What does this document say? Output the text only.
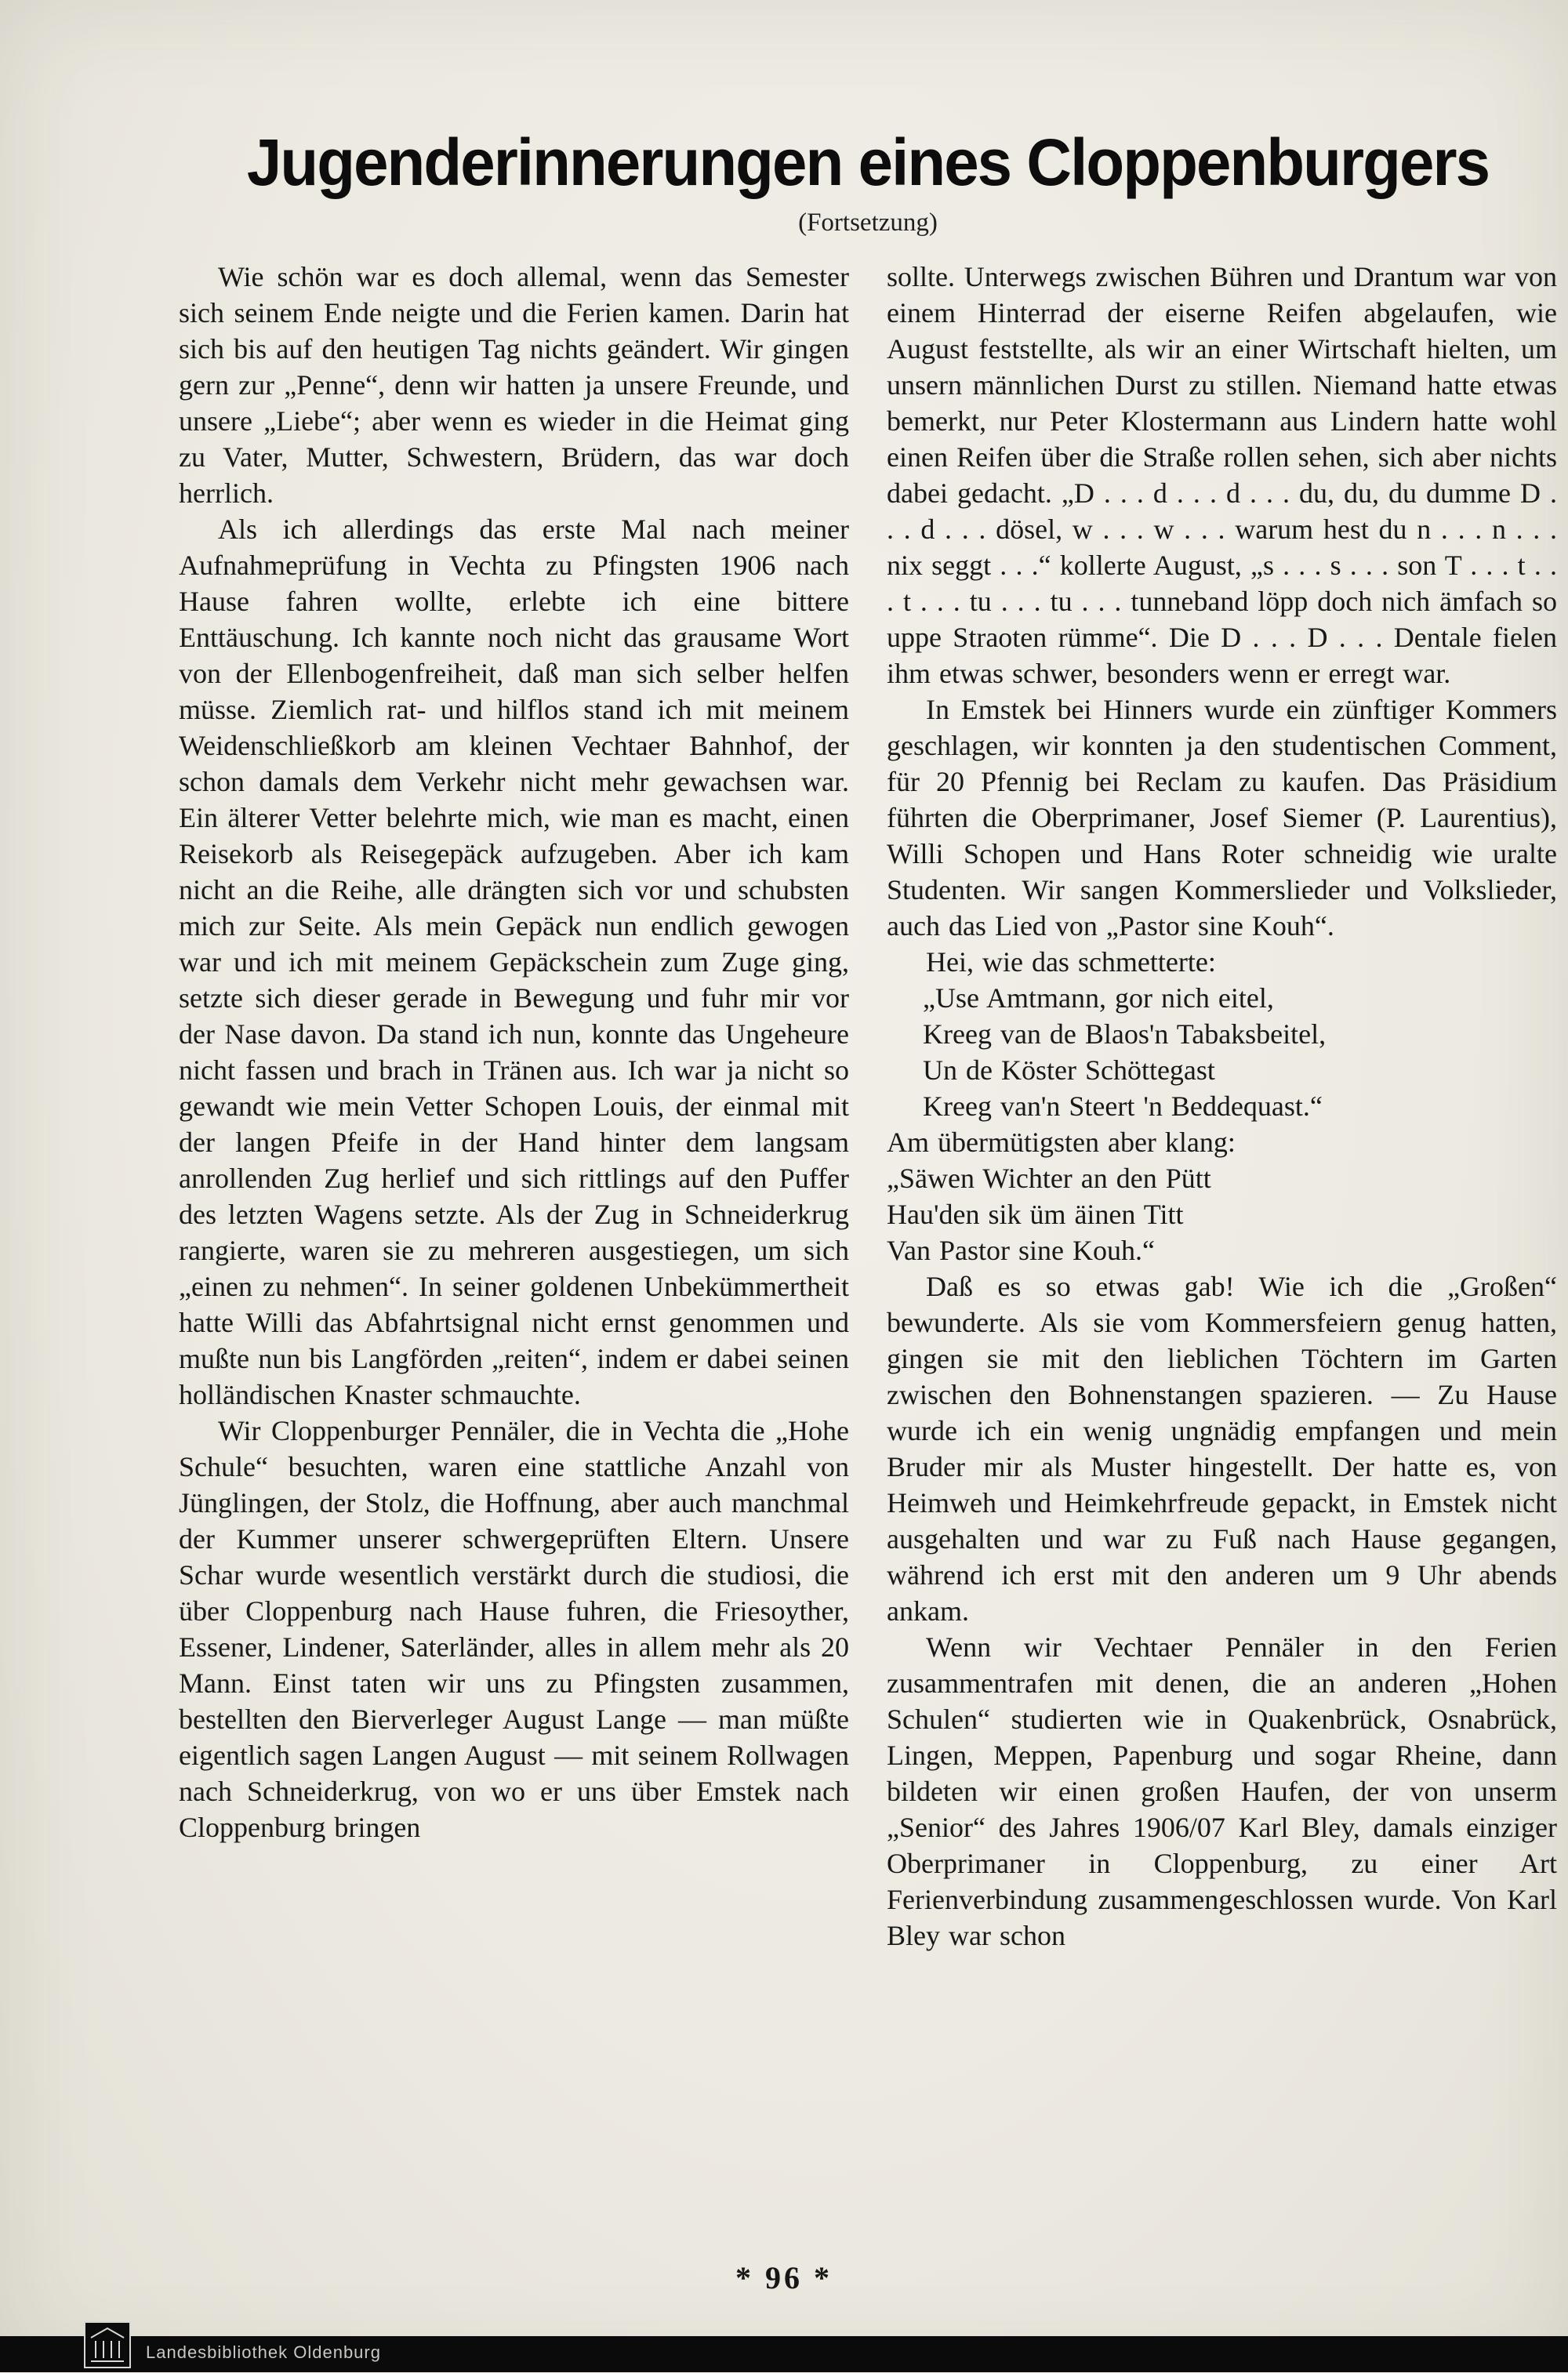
Jugenderinnerungen eines Cloppenburgers
(Fortsetzung)

Wie schön war es doch allemal, wenn das Semester sich seinem Ende neigte und die Ferien kamen. Darin hat sich bis auf den heutigen Tag nichts geändert. Wir gingen gern zur „Penne“, denn wir hatten ja unsere Freunde, und unsere „Liebe“; aber wenn es wieder in die Heimat ging zu Vater, Mutter, Schwestern, Brüdern, das war doch herrlich.

Als ich allerdings das erste Mal nach meiner Aufnahmeprüfung in Vechta zu Pfingsten 1906 nach Hause fahren wollte, erlebte ich eine bittere Enttäuschung. Ich kannte noch nicht das grausame Wort von der Ellenbogenfreiheit, daß man sich selber helfen müsse. Ziemlich rat- und hilflos stand ich mit meinem Weidenschließkorb am kleinen Vechtaer Bahnhof, der schon damals dem Verkehr nicht mehr gewachsen war. Ein älterer Vetter belehrte mich, wie man es macht, einen Reisekorb als Reisegepäck aufzugeben. Aber ich kam nicht an die Reihe, alle drängten sich vor und schubsten mich zur Seite. Als mein Gepäck nun endlich gewogen war und ich mit meinem Gepäckschein zum Zuge ging, setzte sich dieser gerade in Bewegung und fuhr mir vor der Nase davon. Da stand ich nun, konnte das Ungeheure nicht fassen und brach in Tränen aus. Ich war ja nicht so gewandt wie mein Vetter Schopen Louis, der einmal mit der langen Pfeife in der Hand hinter dem langsam anrollenden Zug herlief und sich rittlings auf den Puffer des letzten Wagens setzte. Als der Zug in Schneiderkrug rangierte, waren sie zu mehreren ausgestiegen, um sich „einen zu nehmen“. In seiner goldenen Unbekümmertheit hatte Willi das Abfahrtsignal nicht ernst genommen und mußte nun bis Langförden „reiten“, indem er dabei seinen holländischen Knaster schmauchte.

Wir Cloppenburger Pennäler, die in Vechta die „Hohe Schule“ besuchten, waren eine stattliche Anzahl von Jünglingen, der Stolz, die Hoffnung, aber auch manchmal der Kummer unserer schwergeprüften Eltern. Unsere Schar wurde wesentlich verstärkt durch die studiosi, die über Cloppenburg nach Hause fuhren, die Friesoyther, Essener, Lindener, Saterländer, alles in allem mehr als 20 Mann. Einst taten wir uns zu Pfingsten zusammen, bestellten den Bierverleger August Lange — man müßte eigentlich sagen Langen August — mit seinem Rollwagen nach Schneiderkrug, von wo er uns über Emstek nach Cloppenburg bringen

sollte. Unterwegs zwischen Bühren und Drantum war von einem Hinterrad der eiserne Reifen abgelaufen, wie August feststellte, als wir an einer Wirtschaft hielten, um unsern männlichen Durst zu stillen. Niemand hatte etwas bemerkt, nur Peter Klostermann aus Lindern hatte wohl einen Reifen über die Straße rollen sehen, sich aber nichts dabei gedacht. „D . . . d . . . d . . . du, du, du dumme D . . . d . . . dösel, w . . . w . . . warum hest du n . . . n . . . nix seggt . . .“ kollerte August, „s . . . s . . . son T . . . t . . . t . . . tu . . . tu . . . tunneband löpp doch nich ämfach so uppe Straoten rümme“. Die D . . . D . . . Dentale fielen ihm etwas schwer, besonders wenn er erregt war.

In Emstek bei Hinners wurde ein zünftiger Kommers geschlagen, wir konnten ja den studentischen Comment, für 20 Pfennig bei Reclam zu kaufen. Das Präsidium führten die Oberprimaner, Josef Siemer (P. Laurentius), Willi Schopen und Hans Roter schneidig wie uralte Studenten. Wir sangen Kommerslieder und Volkslieder, auch das Lied von „Pastor sine Kouh“.

Hei, wie das schmetterte:

„Use Amtmann, gor nich eitel,
Kreeg van de Blaos'n Tabaksbeitel,
Un de Köster Schöttegast
Kreeg van'n Steert 'n Beddequast.“

Am übermütigsten aber klang:

„Säwen Wichter an den Pütt
Hau'den sik üm äinen Titt
Van Pastor sine Kouh.“

Daß es so etwas gab! Wie ich die „Großen“ bewunderte. Als sie vom Kommersfeiern genug hatten, gingen sie mit den lieblichen Töchtern im Garten zwischen den Bohnenstangen spazieren. — Zu Hause wurde ich ein wenig ungnädig empfangen und mein Bruder mir als Muster hingestellt. Der hatte es, von Heimweh und Heimkehrfreude gepackt, in Emstek nicht ausgehalten und war zu Fuß nach Hause gegangen, während ich erst mit den anderen um 9 Uhr abends ankam.

Wenn wir Vechtaer Pennäler in den Ferien zusammentrafen mit denen, die an anderen „Hohen Schulen“ studierten wie in Quakenbrück, Osnabrück, Lingen, Meppen, Papenburg und sogar Rheine, dann bildeten wir einen großen Haufen, der von unserm „Senior“ des Jahres 1906/07 Karl Bley, damals einziger Oberprimaner in Cloppenburg, zu einer Art Ferienverbindung zusammengeschlossen wurde. Von Karl Bley war schon

* 96 *
Landesbibliothek Oldenburg
